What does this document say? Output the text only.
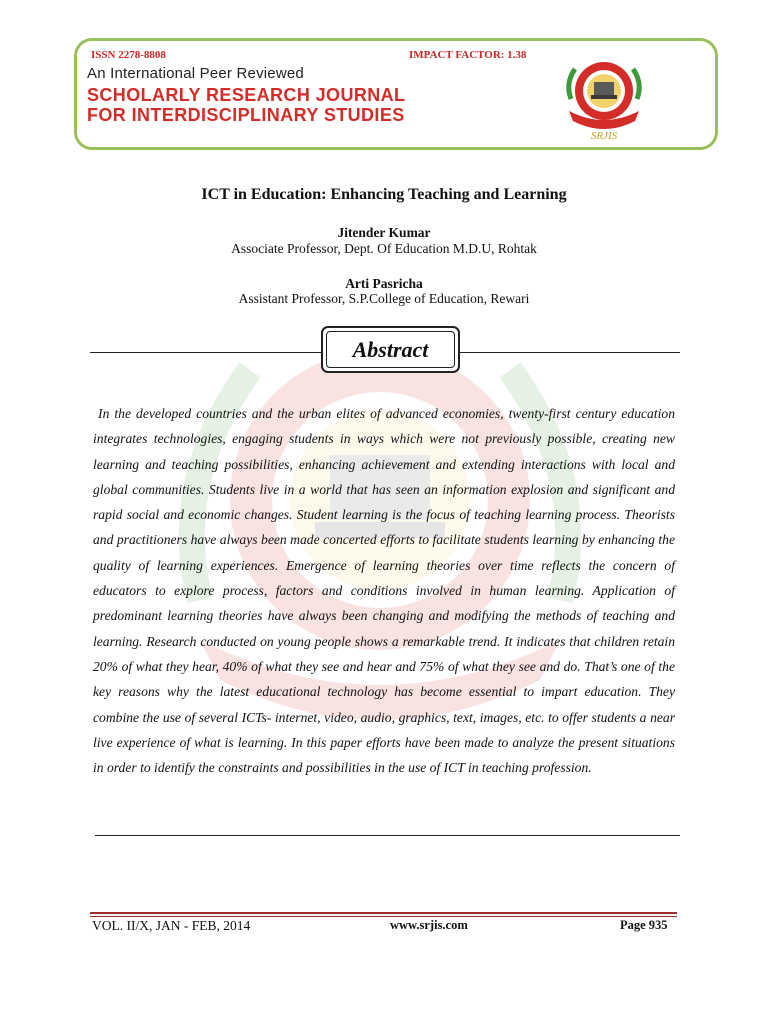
ISSN 2278-8808	IMPACT FACTOR: 1.38
An International Peer Reviewed
SCHOLARLY RESEARCH JOURNAL
FOR INTERDISCIPLINARY STUDIES
SRJIS
ICT in Education: Enhancing Teaching and Learning
Jitender Kumar
Associate Professor, Dept. Of Education M.D.U, Rohtak
Arti Pasricha
Assistant Professor, S.P.College of Education, Rewari
Abstract

In the developed countries and the urban elites of advanced economies, twenty-first century education integrates technologies, engaging students in ways which were not previously possible, creating new learning and teaching possibilities, enhancing achievement and extending interactions with local and global communities. Students live in a world that has seen an information explosion and significant and rapid social and economic changes. Student learning is the focus of teaching learning process. Theorists and practitioners have always been made concerted efforts to facilitate students learning by enhancing the quality of learning experiences. Emergence of learning theories over time reflects the concern of educators to explore process, factors and conditions involved in human learning. Application of predominant learning theories have always been changing and modifying the methods of teaching and learning. Research conducted on young people shows a remarkable trend. It indicates that children retain 20% of what they hear, 40% of what they see and hear and 75% of what they see and do. That’s one of the key reasons why the latest educational technology has become essential to impart education. They combine the use of several ICTs- internet, video, audio, graphics, text, images, etc. to offer students a near live experience of what is learning. In this paper efforts have been made to analyze the present situations in order to identify the constraints and possibilities in the use of ICT in teaching profession.

VOL. II/X, JAN - FEB, 2014	www.srjis.com	Page 935
